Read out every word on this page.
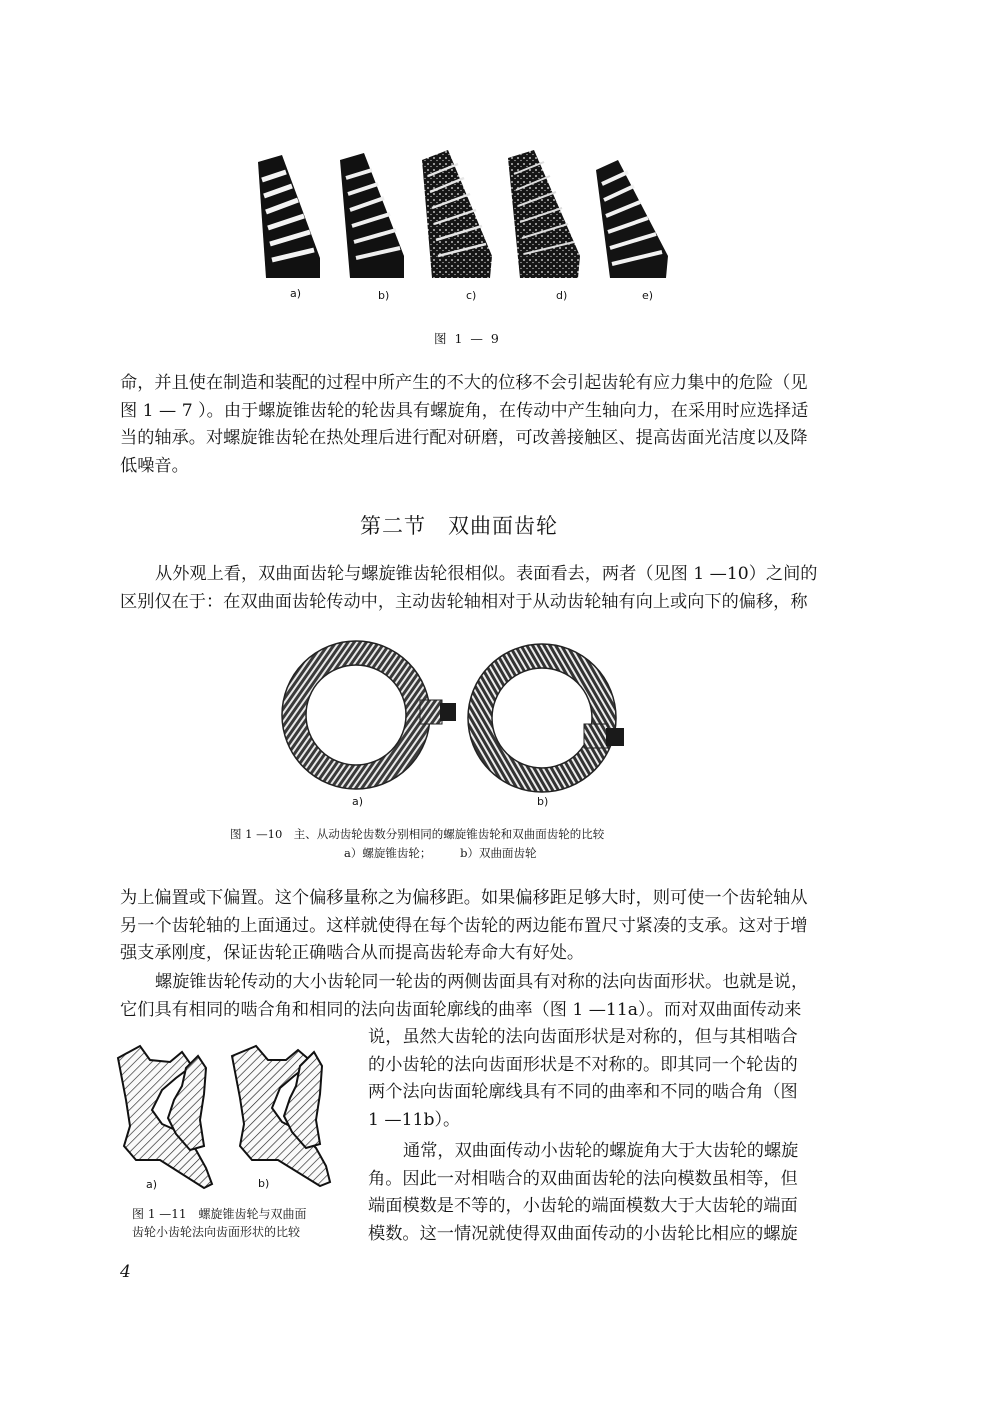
a)	b)	c)	d)	e)
图 1 — 9
命，并且使在制造和装配的过程中所产生的不大的位移不会引起齿轮有应力集中的危险（见
图 1 — 7 ）。由于螺旋锥齿轮的轮齿具有螺旋角，在传动中产生轴向力，在采用时应选择适
当的轴承。对螺旋锥齿轮在热处理后进行配对研磨，可改善接触区、提高齿面光洁度以及降
低噪音。
第二节　双曲面齿轮
从外观上看，双曲面齿轮与螺旋锥齿轮很相似。表面看去，两者（见图 1 —10）之间的
区别仅在于：在双曲面齿轮传动中，主动齿轮轴相对于从动齿轮轴有向上或向下的偏移，称
a)	b)
图 1 —10　主、从动齿轮齿数分别相同的螺旋锥齿轮和双曲面齿轮的比较
a）螺旋锥齿轮；　　　b）双曲面齿轮
为上偏置或下偏置。这个偏移量称之为偏移距。如果偏移距足够大时，则可使一个齿轮轴从
另一个齿轮轴的上面通过。这样就使得在每个齿轮的两边能布置尺寸紧凑的支承。这对于增
强支承刚度，保证齿轮正确啮合从而提高齿轮寿命大有好处。
螺旋锥齿轮传动的大小齿轮同一轮齿的两侧齿面具有对称的法向齿面形状。也就是说，
它们具有相同的啮合角和相同的法向齿面轮廓线的曲率（图 1 —11a）。而对双曲面传动来
说，虽然大齿轮的法向齿面形状是对称的，但与其相啮合
的小齿轮的法向齿面形状是不对称的。即其同一个轮齿的
两个法向齿面轮廓线具有不同的曲率和不同的啮合角（图
1 —11b）。
通常，双曲面传动小齿轮的螺旋角大于大齿轮的螺旋
角。因此一对相啮合的双曲面齿轮的法向模数虽相等，但
端面模数是不等的，小齿轮的端面模数大于大齿轮的端面
模数。这一情况就使得双曲面传动的小齿轮比相应的螺旋
a)	b)
图 1 —11　螺旋锥齿轮与双曲面
齿轮小齿轮法向齿面形状的比较
4
